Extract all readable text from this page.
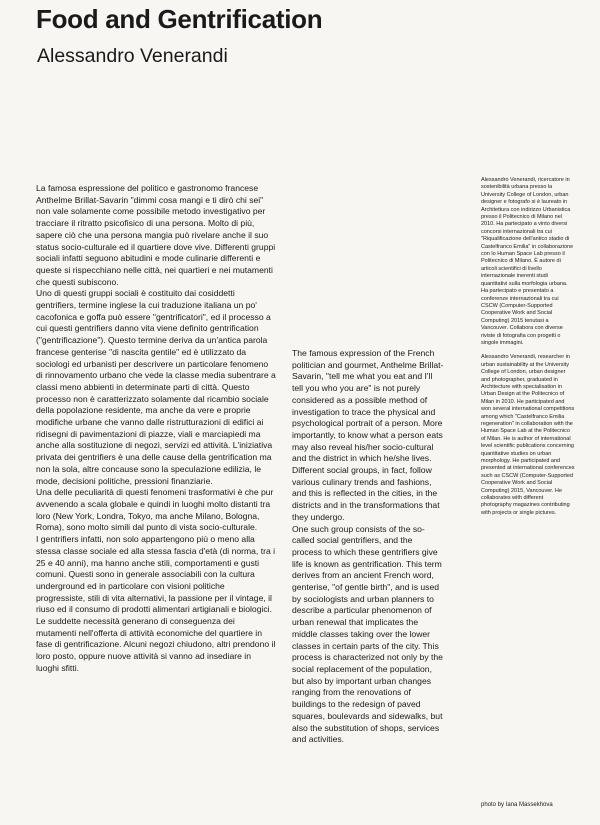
Food and Gentrification
Alessandro Venerandi

La famosa espressione del politico e gastronomo francese Anthelme Brillat-Savarin "dimmi cosa mangi e ti dirò chi sei" non vale solamente come possibile metodo investigativo per tracciare il ritratto psicofisico di una persona. Molto di più, sapere ciò che una persona mangia può rivelare anche il suo status socio-culturale ed il quartiere dove vive. Differenti gruppi sociali infatti seguono abitudini e mode culinarie differenti e queste si rispecchiano nelle città, nei quartieri e nei mutamenti che questi subiscono.

Uno di questi gruppi sociali è costituito dai cosiddetti gentrifiers, termine inglese la cui traduzione italiana un po' cacofonica e goffa può essere "gentrificatori", ed il processo a cui questi gentrifiers danno vita viene definito gentrification ("gentrificazione"). Questo termine deriva da un'antica parola francese genterise "di nascita gentile" ed è utilizzato da sociologi ed urbanisti per descrivere un particolare fenomeno di rinnovamento urbano che vede la classe media subentrare a classi meno abbienti in determinate parti di città. Questo processo non è caratterizzato solamente dal ricambio sociale della popolazione residente, ma anche da vere e proprie modifiche urbane che vanno dalle ristrutturazioni di edifici ai ridisegni di pavimentazioni di piazze, viali e marciapiedi ma anche alla sostituzione di negozi, servizi ed attività. L'iniziativa privata dei gentrifiers è una delle cause della gentrification ma non la sola, altre concause sono la speculazione edilizia, le mode, decisioni politiche, pressioni finanziarie.

Una delle peculiarità di questi fenomeni trasformativi è che pur avvenendo a scala globale e quindi in luoghi molto distanti tra loro (New York, Londra, Tokyo, ma anche Milano, Bologna, Roma), sono molto simili dal punto di vista socio-culturale.

I gentrifiers infatti, non solo appartengono più o meno alla stessa classe sociale ed alla stessa fascia d'età (di norma, tra i 25 e 40 anni), ma hanno anche stili, comportamenti e gusti comuni. Questi sono in generale associabili con la cultura underground ed in particolare con visioni politiche progressiste, stili di vita alternativi, la passione per il vintage, il riuso ed il consumo di prodotti alimentari artigianali e biologici. Le suddette necessità generano di conseguenza dei mutamenti nell'offerta di attività economiche del quartiere in fase di gentrificazione. Alcuni negozi chiudono, altri prendono il loro posto, oppure nuove attività si vanno ad insediare in luoghi sfitti.

The famous expression of the French politician and gourmet, Anthelme Brillat-Savarin, "tell me what you eat and I'll tell you who you are" is not purely considered as a possible method of investigation to trace the physical and psychological portrait of a person. More importantly, to know what a person eats may also reveal his/her socio-cultural and the district in which he/she lives. Different social groups, in fact, follow various culinary trends and fashions, and this is reflected in the cities, in the districts and in the transformations that they undergo.

One such group consists of the so-called social gentrifiers, and the process to which these gentrifiers give life is known as gentrification. This term derives from an ancient French word, genterise, "of gentle birth", and is used by sociologists and urban planners to describe a particular phenomenon of urban renewal that implicates the middle classes taking over the lower classes in certain parts of the city. This process is characterized not only by the social replacement of the population, but also by important urban changes ranging from the renovations of buildings to the redesign of paved squares, boulevards and sidewalks, but also the substitution of shops, services and activities.

Alessandro Venerandi, ricercatore in sostenibilità urbana presso la University College of London, urban designer e fotografo si è laureato in Architettura con indirizzo Urbanistica presso il Politecnico di Milano nel 2010. Ha partecipato a vinto diversi concorsi internazionali tra cui "Riqualificazione dell'antico stadio di Castelfranco Emilia" in collaborazione con lo Human Space Lab presso il Politecnico di Milano. È autore di articoli scientifici di livello internazionale inerenti studi quantitativi sulla morfologia urbana. Ha partecipato e presentato a conferenze internazionali tra cui CSCW (Computer-Supported Cooperative Work and Social Computing) 2015 tenutasi a Vancouver. Collabora con diverse riviste di fotografia con progetti o singole immagini.

Alessandro Venerandi, researcher in urban sustainability at the University College of London, urban designer and photographer, graduated in Architecture with specialisation in Urban Design at the Politecnico of Milan in 2010. He participated and won several international competitions among which "Castelfranco Emilia regeneration" in collaboration with the Human Space Lab at the Politecnico of Milan. He is author of international level scientific publications concerning quantitative studies on urban morphology. He participated and presented at international conferences such as CSCW (Computer-Supported Cooperative Work and Social Computing) 2015, Vancouver. He collaborates with different photography magazines contributing with projects or single pictures.

photo by Iana Massekhova
